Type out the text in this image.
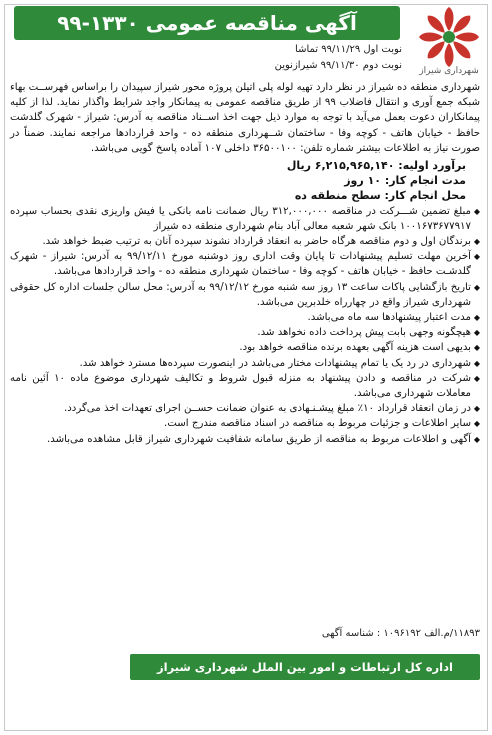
آگهی مناقصه عمومی ۱۳۳۰-۹۹
شهرداری شیراز
نوبت اول ۹۹/۱۱/۲۹ تماشا
نوبت دوم ۹۹/۱۱/۳۰ شیرازنوین

شهرداری منطقه ده شیراز در نظر دارد تهیه لوله پلی اتیلن پروژه محور شیراز سپیدان را براساس فهرســت بهاء شبکه جمع آوری و انتقال فاضلاب ۹۹ از طریق مناقصه عمومی به پیمانکار واجد شرایط واگذار نماید. لذا از کلیه پیمانکاران دعوت بعمل می‌آید با توجه به موارد ذیل جهت اخذ اســناد مناقصه به آدرس: شیراز - شهرک گلدشت حافظ - خیابان هاتف - کوچه وفا - ساختمان شــهرداری منطقه ده - واحد قراردادها مراجعه نمایند. ضمناً در صورت نیاز به اطلاعات بیشتر شماره تلفن: ۳۶۵۰۰۱۰۰ داخلی ۱۰۷ آماده پاسخ گویی می‌باشد.

برآورد اولیه: ۶,۲۱۵,۹۶۵,۱۴۰ ریال
مدت انجام کار: ۱۰ روز
محل انجام کار: سطح منطقه ده
◆
مبلغ تضمین شـــرکت در مناقصه ۳۱۲,۰۰۰,۰۰۰ ریال ضمانت نامه بانکی یا فیش واریزی نقدی بحساب سپرده ۱۰۰۱۶۷۳۶۷۷۹۱۷ بانک شهر شعبه معالی آباد بنام شهرداری منطقه ده شیراز
◆
برندگان اول و دوم مناقصه هرگاه حاضر به انعقاد قرارداد نشوند سپرده آنان به ترتیب ضبط خواهد شد.
◆
آخرین مهلت تسلیم پیشنهادات تا پایان وقت اداری روز دوشنبه مورخ ۹۹/۱۲/۱۱ به آدرس: شیراز - شهرک گلدشـت حافظ - خیابان هاتف - کوچه وفا - ساختمان شهرداری منطقه ده - واحد قراردادها می‌باشد.
◆
تاریخ بازگشایی پاکات ساعت ۱۳ روز سه شنبه مورخ ۹۹/۱۲/۱۲ به آدرس: محل سالن جلسات اداره کل حقوقی شهرداری شیراز واقع در چهارراه خلدبرین می‌باشد.
◆
مدت اعتبار پیشنهادها سه ماه می‌باشد.
◆
هیچگونه وجهی بابت پیش پرداخت داده نخواهد شد.
◆
بدیهی است هزینه آگهی بعهده برنده مناقصه خواهد بود.
◆
شهرداری در رد یک یا تمام پیشنهادات مختار می‌باشد در اینصورت سپرده‌ها مسترد خواهد شد.
◆
شرکت در مناقصه و دادن پیشنهاد به منزله قبول شروط و تکالیف شهرداری موضوع ماده ۱۰ آئین نامه معاملات شهرداری می‌باشد.
◆
در زمان انعقاد قرارداد ۱۰٪ مبلغ پیشـنـهادی به عنوان ضمانت حســن اجرای تعهدات اخذ می‌گردد.
◆
سایر اطلاعات و جزئیات مربوط به مناقصه در اسناد مناقصه مندرج است.
◆
آگهی و اطلاعات مربوط به مناقصه از طریق سامانه شفافیت شهرداری شیراز قابل مشاهده می‌باشد.
۱۱۸۹۳/م.الف ۱۰۹۶۱۹۲ : شناسه آگهی
اداره کل ارتباطات و امور بین الملل شهرداری شیراز
